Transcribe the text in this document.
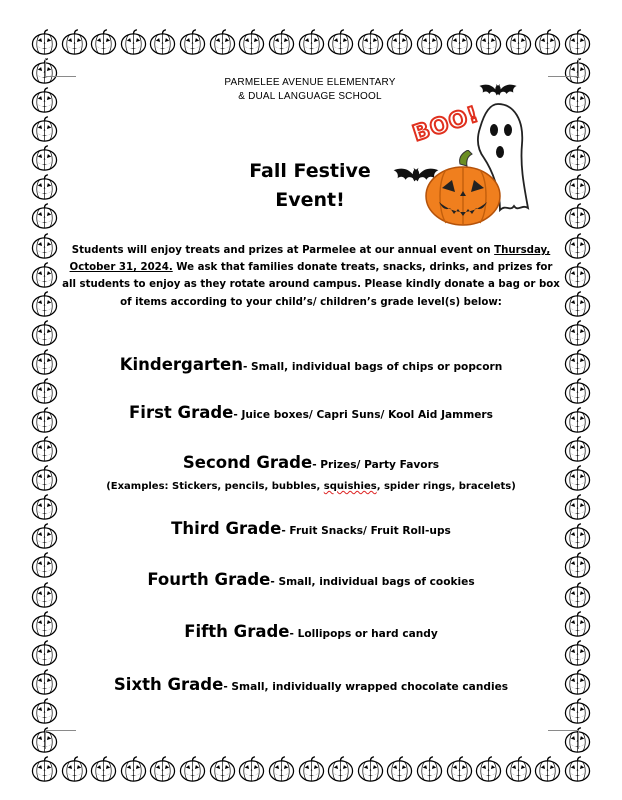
PARMELEE AVENUE ELEMENTARY
& DUAL LANGUAGE SCHOOL
Fall Festive
Event!
BOO!
Students will enjoy treats and prizes at Parmelee at our annual event on Thursday,
October 31, 2024. We ask that families donate treats, snacks, drinks, and prizes for all students to enjoy as they rotate around campus. Please kindly donate a bag or box of items according to your child’s/ children’s grade level(s) below:
Kindergarten- Small, individual bags of chips or popcorn
First Grade- Juice boxes/ Capri Suns/ Kool Aid Jammers
Second Grade- Prizes/ Party Favors
(Examples: Stickers, pencils, bubbles, squishies, spider rings, bracelets)
Third Grade- Fruit Snacks/ Fruit Roll-ups
Fourth Grade- Small, individual bags of cookies
Fifth Grade- Lollipops or hard candy
Sixth Grade- Small, individually wrapped chocolate candies
